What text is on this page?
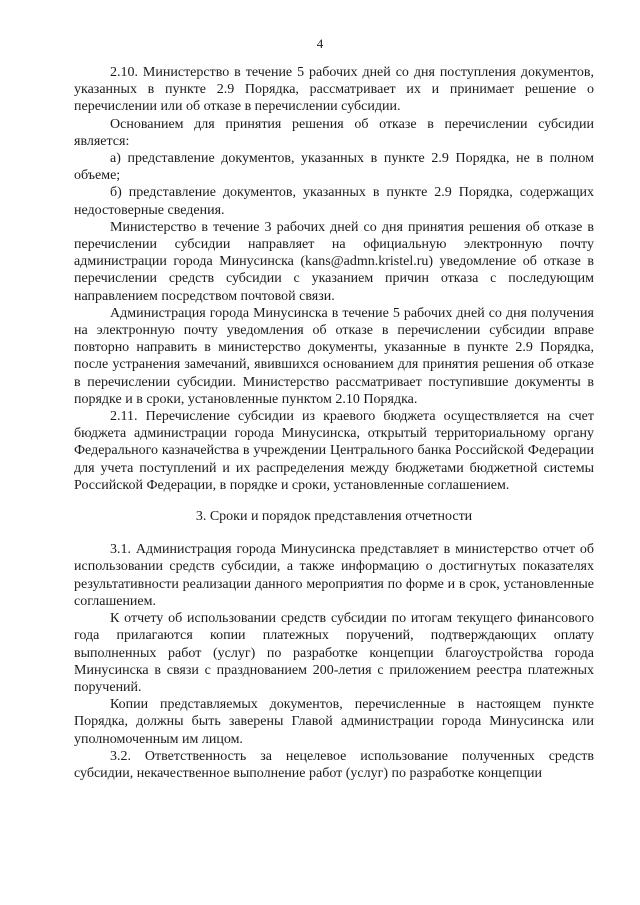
4

2.10. Министерство в течение 5 рабочих дней со дня поступления документов, указанных в пункте 2.9 Порядка, рассматривает их и принимает решение о перечислении или об отказе в перечислении субсидии.

Основанием для принятия решения об отказе в перечислении субсидии является:

а) представление документов, указанных в пункте 2.9 Порядка, не в полном объеме;

б) представление документов, указанных в пункте 2.9 Порядка, содержащих недостоверные сведения.

Министерство в течение 3 рабочих дней со дня принятия решения об отказе в перечислении субсидии направляет на официальную электронную почту администрации города Минусинска (kans@admn.kristel.ru) уведомление об отказе в перечислении средств субсидии с указанием причин отказа с последующим направлением посредством почтовой связи.

Администрация города Минусинска в течение 5 рабочих дней со дня получения на электронную почту уведомления об отказе в перечислении субсидии вправе повторно направить в министерство документы, указанные в пункте 2.9 Порядка, после устранения замечаний, явившихся основанием для принятия решения об отказе в перечислении субсидии. Министерство рассматривает поступившие документы в порядке и в сроки, установленные пунктом 2.10 Порядка.

2.11. Перечисление субсидии из краевого бюджета осуществляется на счет бюджета администрации города Минусинска, открытый территориальному органу Федерального казначейства в учреждении Центрального банка Российской Федерации для учета поступлений и их распределения между бюджетами бюджетной системы Российской Федерации, в порядке и сроки, установленные соглашением.

3. Сроки и порядок представления отчетности

3.1. Администрация города Минусинска представляет в министерство отчет об использовании средств субсидии, а также информацию о достигнутых показателях результативности реализации данного мероприятия по форме и в срок, установленные соглашением.

К отчету об использовании средств субсидии по итогам текущего финансового года прилагаются копии платежных поручений, подтверждающих оплату выполненных работ (услуг) по разработке концепции благоустройства города Минусинска в связи с празднованием 200-летия с приложением реестра платежных поручений.

Копии представляемых документов, перечисленные в настоящем пункте Порядка, должны быть заверены Главой администрации города Минусинска или уполномоченным им лицом.

3.2. Ответственность за нецелевое использование полученных средств субсидии, некачественное выполнение работ (услуг) по разработке концепции
